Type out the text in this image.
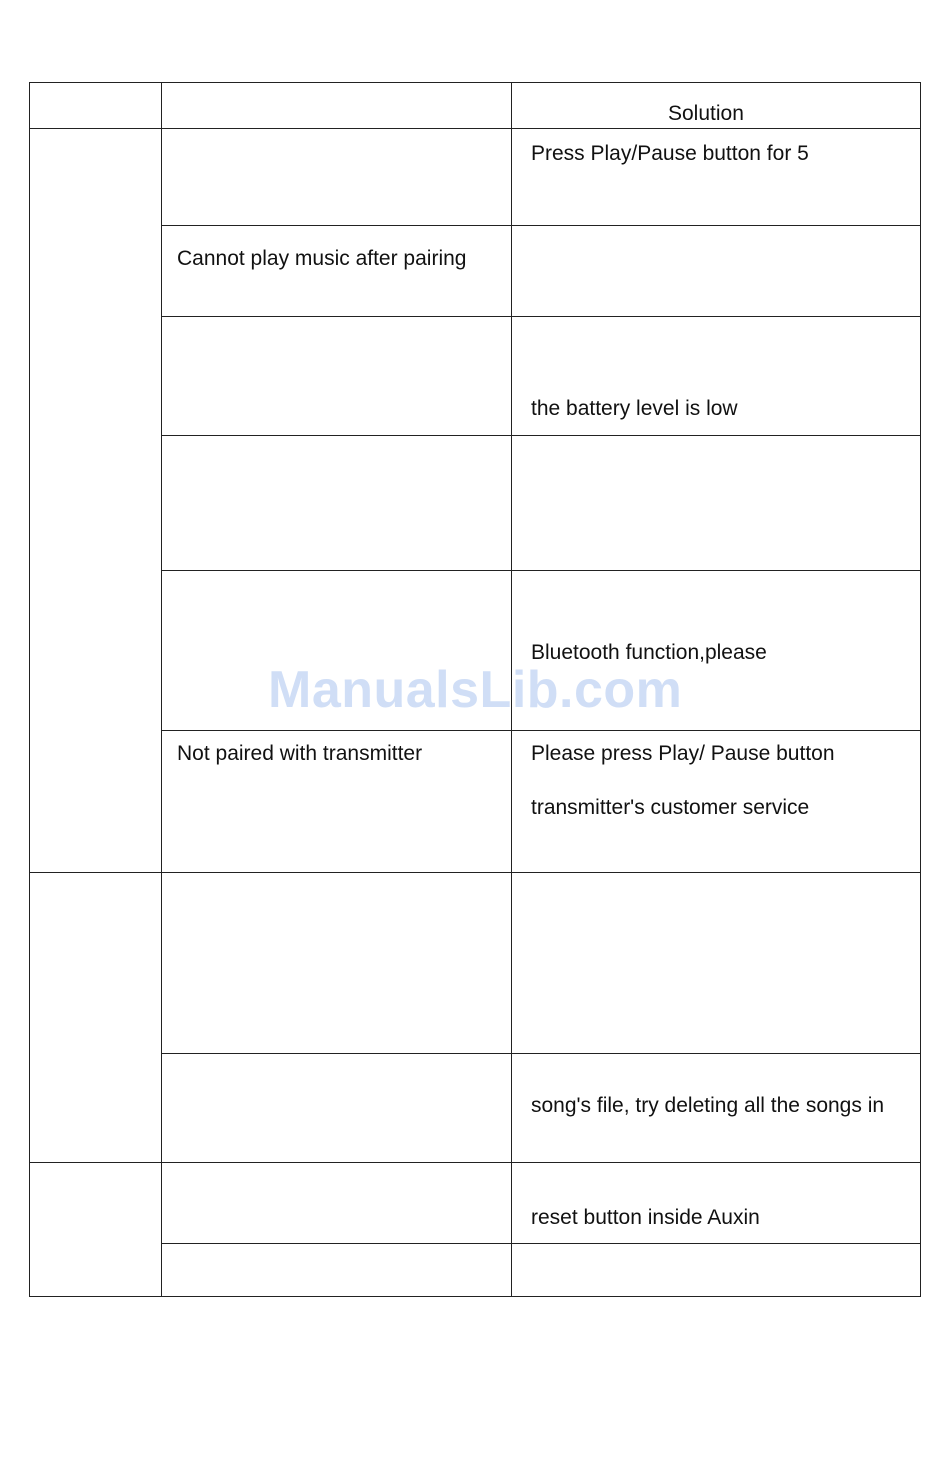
Solution
Press Play/Pause button for 5
Cannot play music after pairing
the battery level is low
Bluetooth function,please
Not paired with transmitter	Please press Play/ Pause button
transmitter's customer service
song's file, try deleting all the songs in
reset button inside Auxin
ManualsLib.com
